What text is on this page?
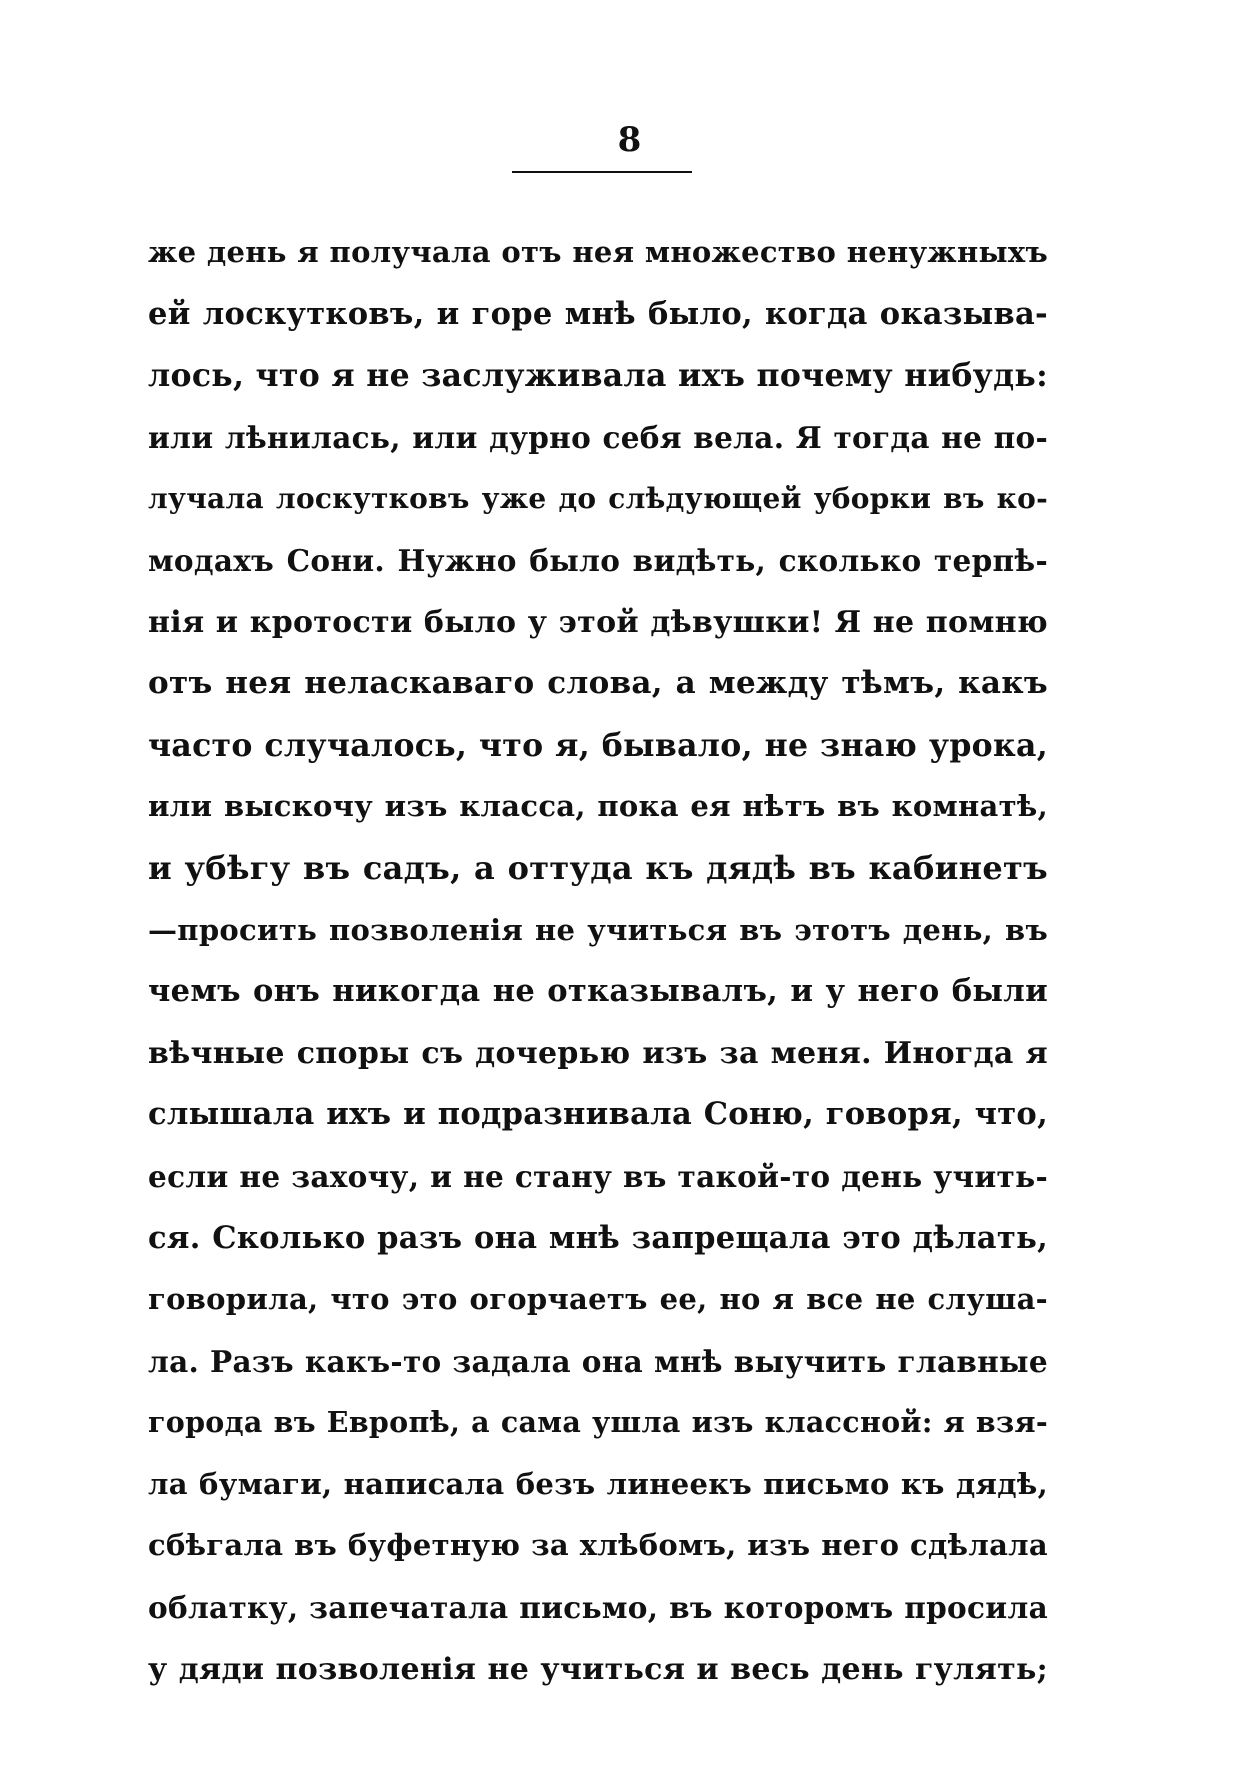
8
же день я получала отъ нея множество ненужныхъ
ей лоскутковъ, и горе мнѣ было, когда оказыва-
лось, что я не заслуживала ихъ почему нибудь:
или лѣнилась, или дурно себя вела. Я тогда не по-
лучала лоскутковъ уже до слѣдующей уборки въ ко-
модахъ Сони. Нужно было видѣть, сколько терпѣ-
нія и кротости было у этой дѣвушки! Я не помню
отъ нея неласкаваго слова, а между тѣмъ, какъ
часто случалось, что я, бывало, не знаю урока,
или выскочу изъ класса, пока ея нѣтъ въ комнатѣ,
и убѣгу въ садъ, а оттуда къ дядѣ въ кабинетъ
—просить позволенія не учиться въ этотъ день, въ
чемъ онъ никогда не отказывалъ, и у него были
вѣчные споры съ дочерью изъ за меня. Иногда я
слышала ихъ и подразнивала Соню, говоря, что,
если не захочу, и не стану въ такой-то день учить-
ся. Сколько разъ она мнѣ запрещала это дѣлать,
говорила, что это огорчаетъ ее, но я все не слуша-
ла. Разъ какъ-то задала она мнѣ выучить главные
города въ Европѣ, а сама ушла изъ классной: я взя-
ла бумаги, написала безъ линеекъ письмо къ дядѣ,
сбѣгала въ буфетную за хлѣбомъ, изъ него сдѣлала
облатку, запечатала письмо, въ которомъ просила
у дяди позволенія не учиться и весь день гулять;
